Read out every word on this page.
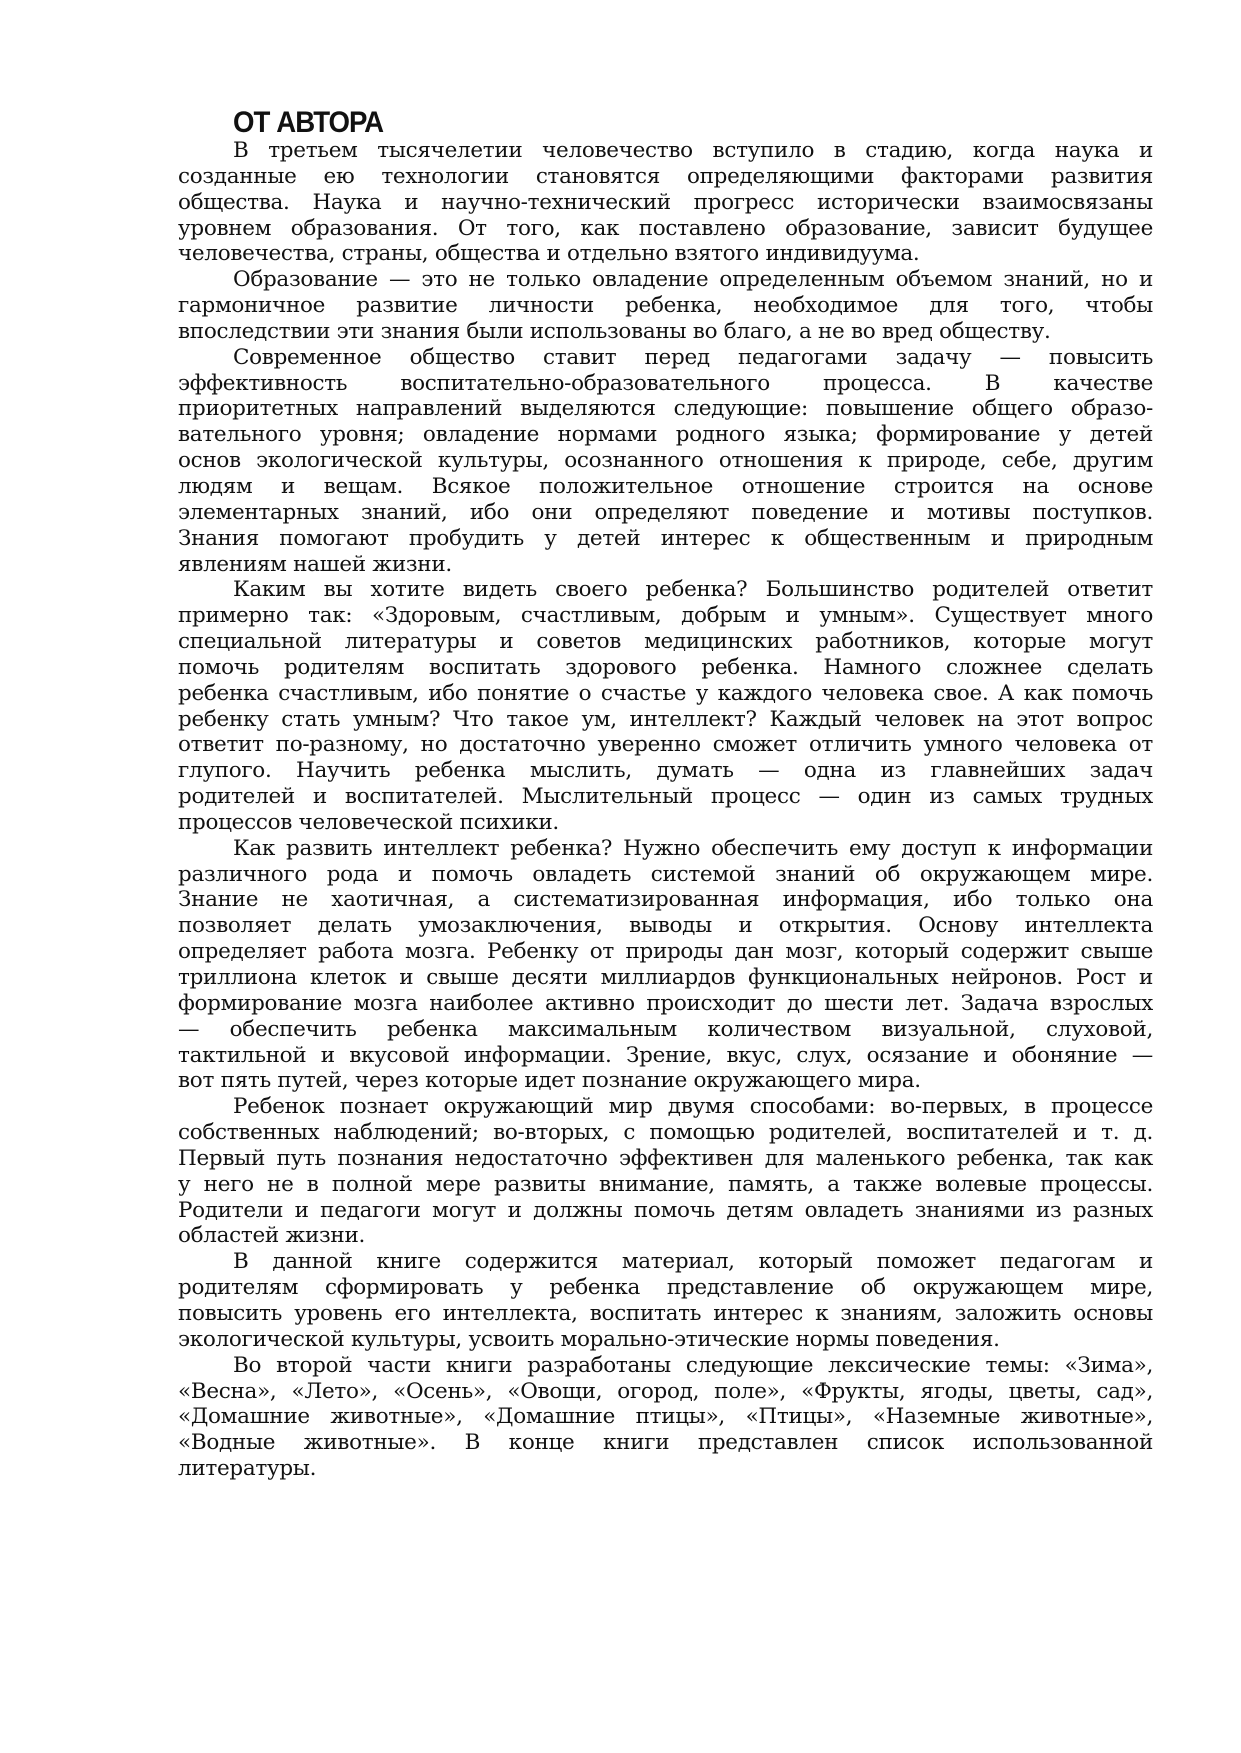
ОТ АВТОРА
В третьем тысячелетии человечество вступило в стадию, когда наука и
созданные ею технологии становятся определяющими факторами развития
общества. Наука и научно-технический прогресс исторически взаимосвязаны
уровнем образования. От того, как поставлено образование, зависит будущее
человечества, страны, общества и отдельно взятого индивидуума.
Образование — это не только овладение определенным объемом знаний, но и
гармоничное развитие личности ребенка, необходимое для того, чтобы
впоследствии эти знания были использованы во благо, а не во вред обществу.
Современное общество ставит перед педагогами задачу — повысить
эффективность воспитательно-образовательного процесса. В качестве
приоритетных направлений выделяются следующие: повышение общего образо-
вательного уровня; овладение нормами родного языка; формирование у детей
основ экологической культуры, осознанного отношения к природе, себе, другим
людям и вещам. Всякое положительное отношение строится на основе
элементарных знаний, ибо они определяют поведение и мотивы поступков.
Знания помогают пробудить у детей интерес к общественным и природным
явлениям нашей жизни.
Каким вы хотите видеть своего ребенка? Большинство родителей ответит
примерно так: «Здоровым, счастливым, добрым и умным». Существует много
специальной литературы и советов медицинских работников, которые могут
помочь родителям воспитать здорового ребенка. Намного сложнее сделать
ребенка счастливым, ибо понятие о счастье у каждого человека свое. А как помочь
ребенку стать умным? Что такое ум, интеллект? Каждый человек на этот вопрос
ответит по-разному, но достаточно уверенно сможет отличить умного человека от
глупого. Научить ребенка мыслить, думать — одна из главнейших задач
родителей и воспитателей. Мыслительный процесс — один из самых трудных
процессов человеческой психики.
Как развить интеллект ребенка? Нужно обеспечить ему доступ к информации
различного рода и помочь овладеть системой знаний об окружающем мире.
Знание не хаотичная, а систематизированная информация, ибо только она
позволяет делать умозаключения, выводы и открытия. Основу интеллекта
определяет работа мозга. Ребенку от природы дан мозг, который содержит свыше
триллиона клеток и свыше десяти миллиардов функциональных нейронов. Рост и
формирование мозга наиболее активно происходит до шести лет. Задача взрослых
— обеспечить ребенка максимальным количеством визуальной, слуховой,
тактильной и вкусовой информации. Зрение, вкус, слух, осязание и обоняние —
вот пять путей, через которые идет познание окружающего мира.
Ребенок познает окружающий мир двумя способами: во-первых, в процессе
собственных наблюдений; во-вторых, с помощью родителей, воспитателей и т. д.
Первый путь познания недостаточно эффективен для маленького ребенка, так как
у него не в полной мере развиты внимание, память, а также волевые процессы.
Родители и педагоги могут и должны помочь детям овладеть знаниями из разных
областей жизни.
В данной книге содержится материал, который поможет педагогам и
родителям сформировать у ребенка представление об окружающем мире,
повысить уровень его интеллекта, воспитать интерес к знаниям, заложить основы
экологической культуры, усвоить морально-этические нормы поведения.
Во второй части книги разработаны следующие лексические темы: «Зима»,
«Весна», «Лето», «Осень», «Овощи, огород, поле», «Фрукты, ягоды, цветы, сад»,
«Домашние животные», «Домашние птицы», «Птицы», «Наземные животные»,
«Водные животные». В конце книги представлен список использованной
литературы.
